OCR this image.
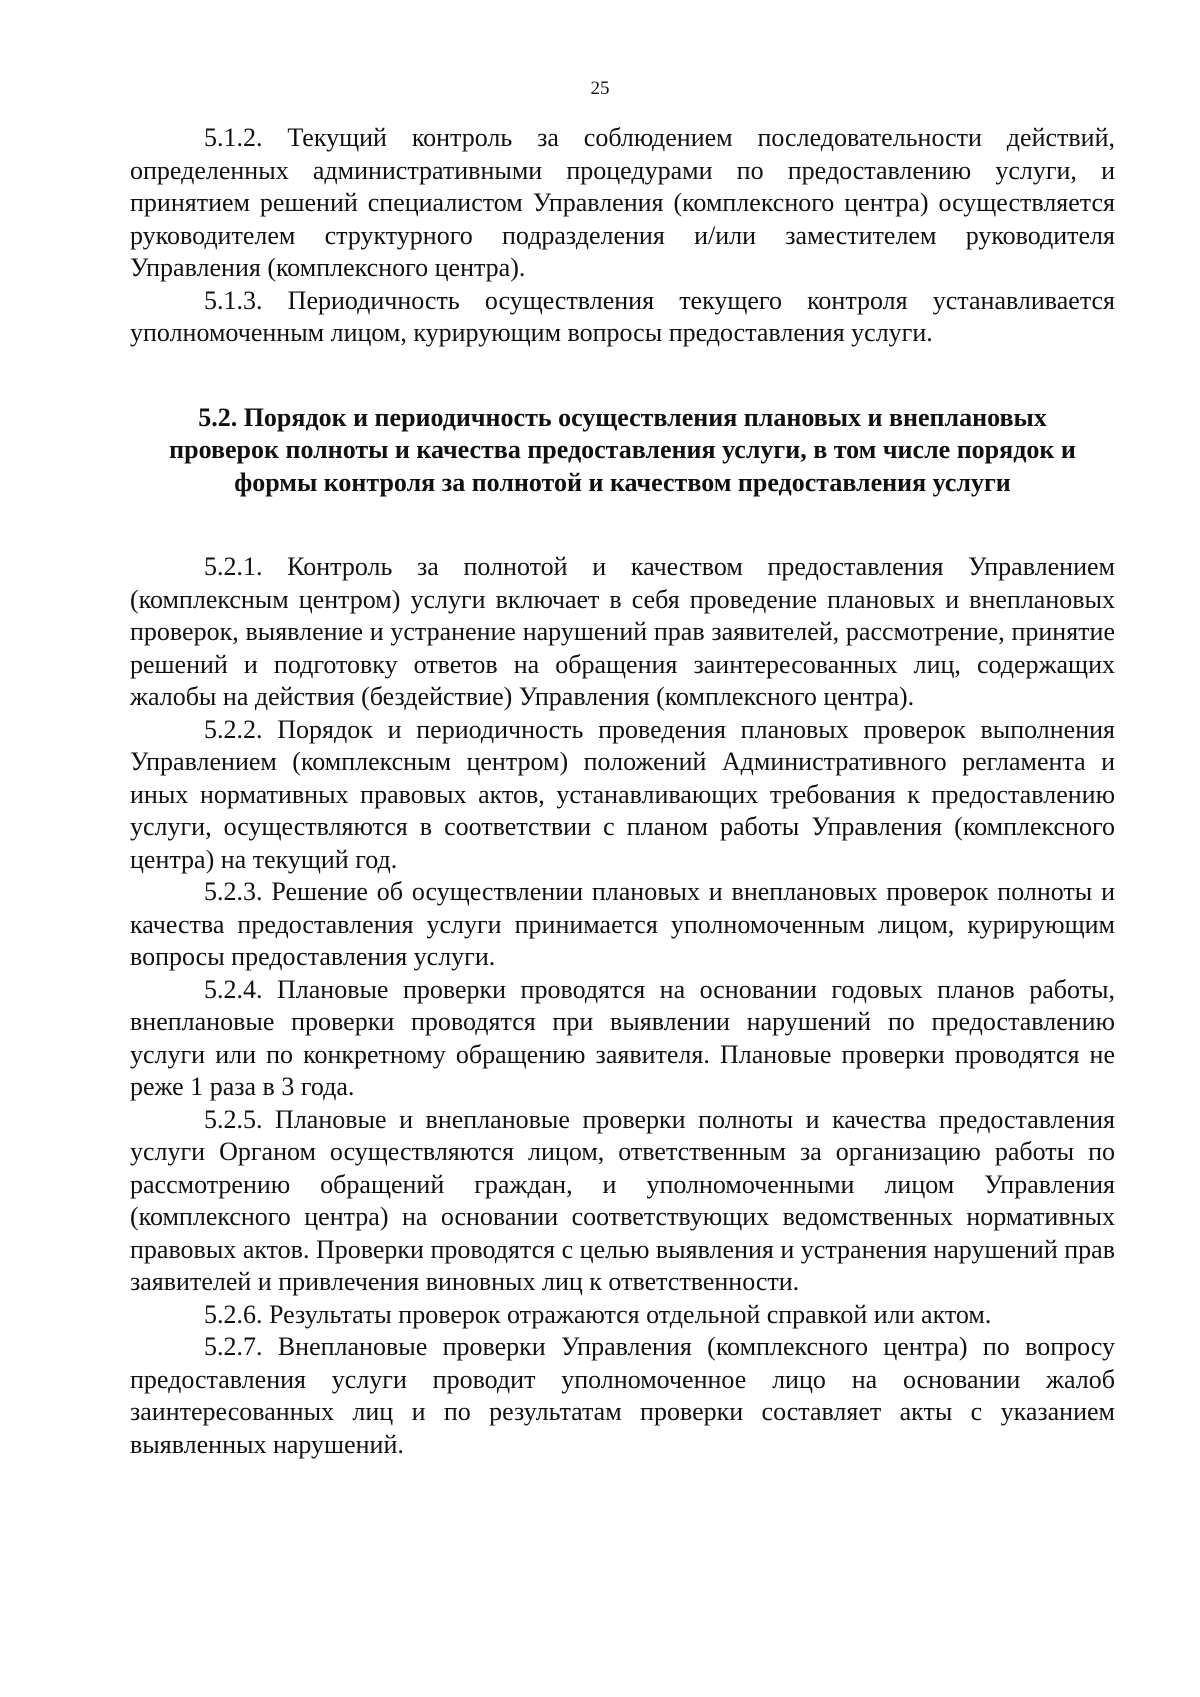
25

5.1.2. Текущий контроль за соблюдением последовательности действий, определенных административными процедурами по предоставлению услуги, и принятием решений специалистом Управления (комплексного центра) осуществляется руководителем структурного подразделения и/или заместителем руководителя Управления (комплексного центра).

5.1.3. Периодичность осуществления текущего контроля устанавливается уполномоченным лицом, курирующим вопросы предоставления услуги.

5.2. Порядок и периодичность осуществления плановых и внеплановых проверок полноты и качества предоставления услуги, в том числе порядок и формы контроля за полнотой и качеством предоставления услуги

5.2.1. Контроль за полнотой и качеством предоставления Управлением (комплексным центром) услуги включает в себя проведение плановых и внеплановых проверок, выявление и устранение нарушений прав заявителей, рассмотрение, принятие решений и подготовку ответов на обращения заинтересованных лиц, содержащих жалобы на действия (бездействие) Управления (комплексного центра).

5.2.2. Порядок и периодичность проведения плановых проверок выполнения Управлением (комплексным центром) положений Административного регламента и иных нормативных правовых актов, устанавливающих требования к предоставлению услуги, осуществляются в соответствии с планом работы Управления (комплексного центра) на текущий год.

5.2.3. Решение об осуществлении плановых и внеплановых проверок полноты и качества предоставления услуги принимается уполномоченным лицом, курирующим вопросы предоставления услуги.

5.2.4. Плановые проверки проводятся на основании годовых планов работы, внеплановые проверки проводятся при выявлении нарушений по предоставлению услуги или по конкретному обращению заявителя. Плановые проверки проводятся не реже 1 раза в 3 года.

5.2.5. Плановые и внеплановые проверки полноты и качества предоставления услуги Органом осуществляются лицом, ответственным за организацию работы по рассмотрению обращений граждан, и уполномоченными лицом Управления (комплексного центра) на основании соответствующих ведомственных нормативных правовых актов. Проверки проводятся с целью выявления и устранения нарушений прав заявителей и привлечения виновных лиц к ответственности.

5.2.6. Результаты проверок отражаются отдельной справкой или актом.

5.2.7. Внеплановые проверки Управления (комплексного центра) по вопросу предоставления услуги проводит уполномоченное лицо на основании жалоб заинтересованных лиц и по результатам проверки составляет акты с указанием выявленных нарушений.
